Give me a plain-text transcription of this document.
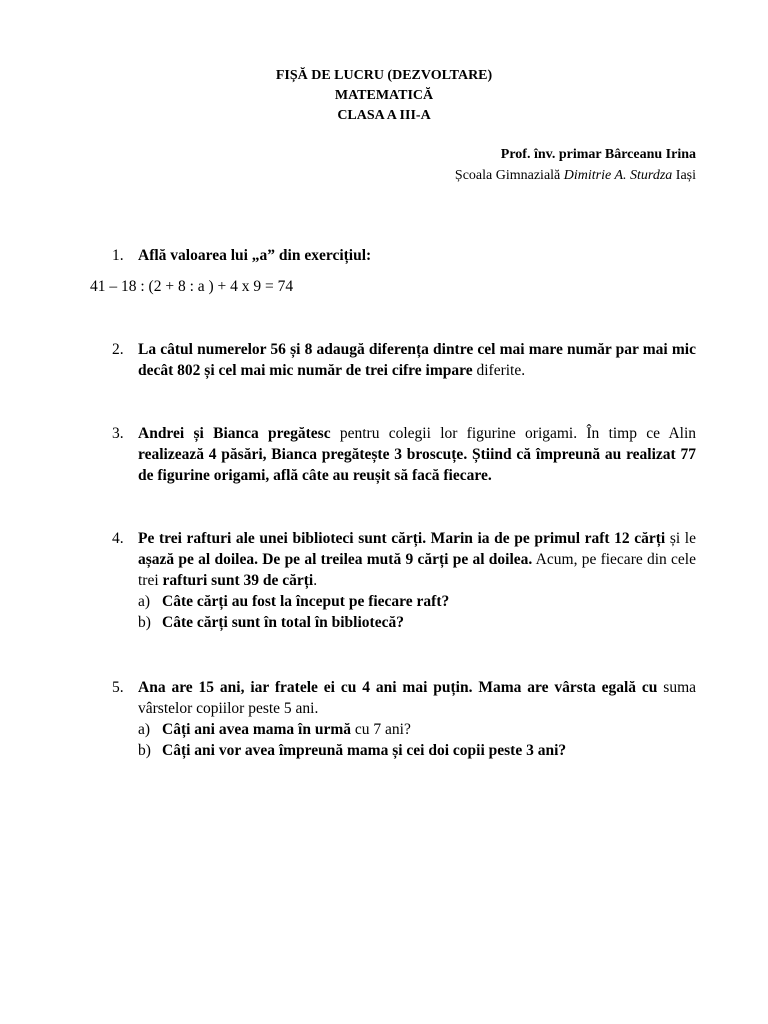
FIȘĂ DE LUCRU (DEZVOLTARE)
MATEMATICĂ
CLASA A III-A
Prof. înv. primar Bârceanu Irina
Școala Gimnazială Dimitrie A. Sturdza Iași
1. Află valoarea lui „a” din exercițiul:
41 – 18 : (2 + 8 : a ) + 4 x 9 = 74
2. La câtul numerelor 56 și 8 adaugă diferența dintre cel mai mare număr par mai mic decât 802 și cel mai mic număr de trei cifre impare diferite.
3. Andrei și Bianca pregătesc pentru colegii lor figurine origami. În timp ce Alin realizează 4 păsări, Bianca pregătește 3 broscuțe. Știind că împreună au realizat 77 de figurine origami, află câte au reușit să facă fiecare.
4. Pe trei rafturi ale unei biblioteci sunt cărți. Marin ia de pe primul raft 12 cărți și le așază pe al doilea. De pe al treilea mută 9 cărți pe al doilea. Acum, pe fiecare din cele trei rafturi sunt 39 de cărți.
a) Câte cărți au fost la început pe fiecare raft?
b) Câte cărți sunt în total în bibliotecă?
5. Ana are 15 ani, iar fratele ei cu 4 ani mai puțin. Mama are vârsta egală cu suma vârstelor copiilor peste 5 ani.
a) Câți ani avea mama în urmă cu 7 ani?
b) Câți ani vor avea împreună mama și cei doi copii peste 3 ani?
